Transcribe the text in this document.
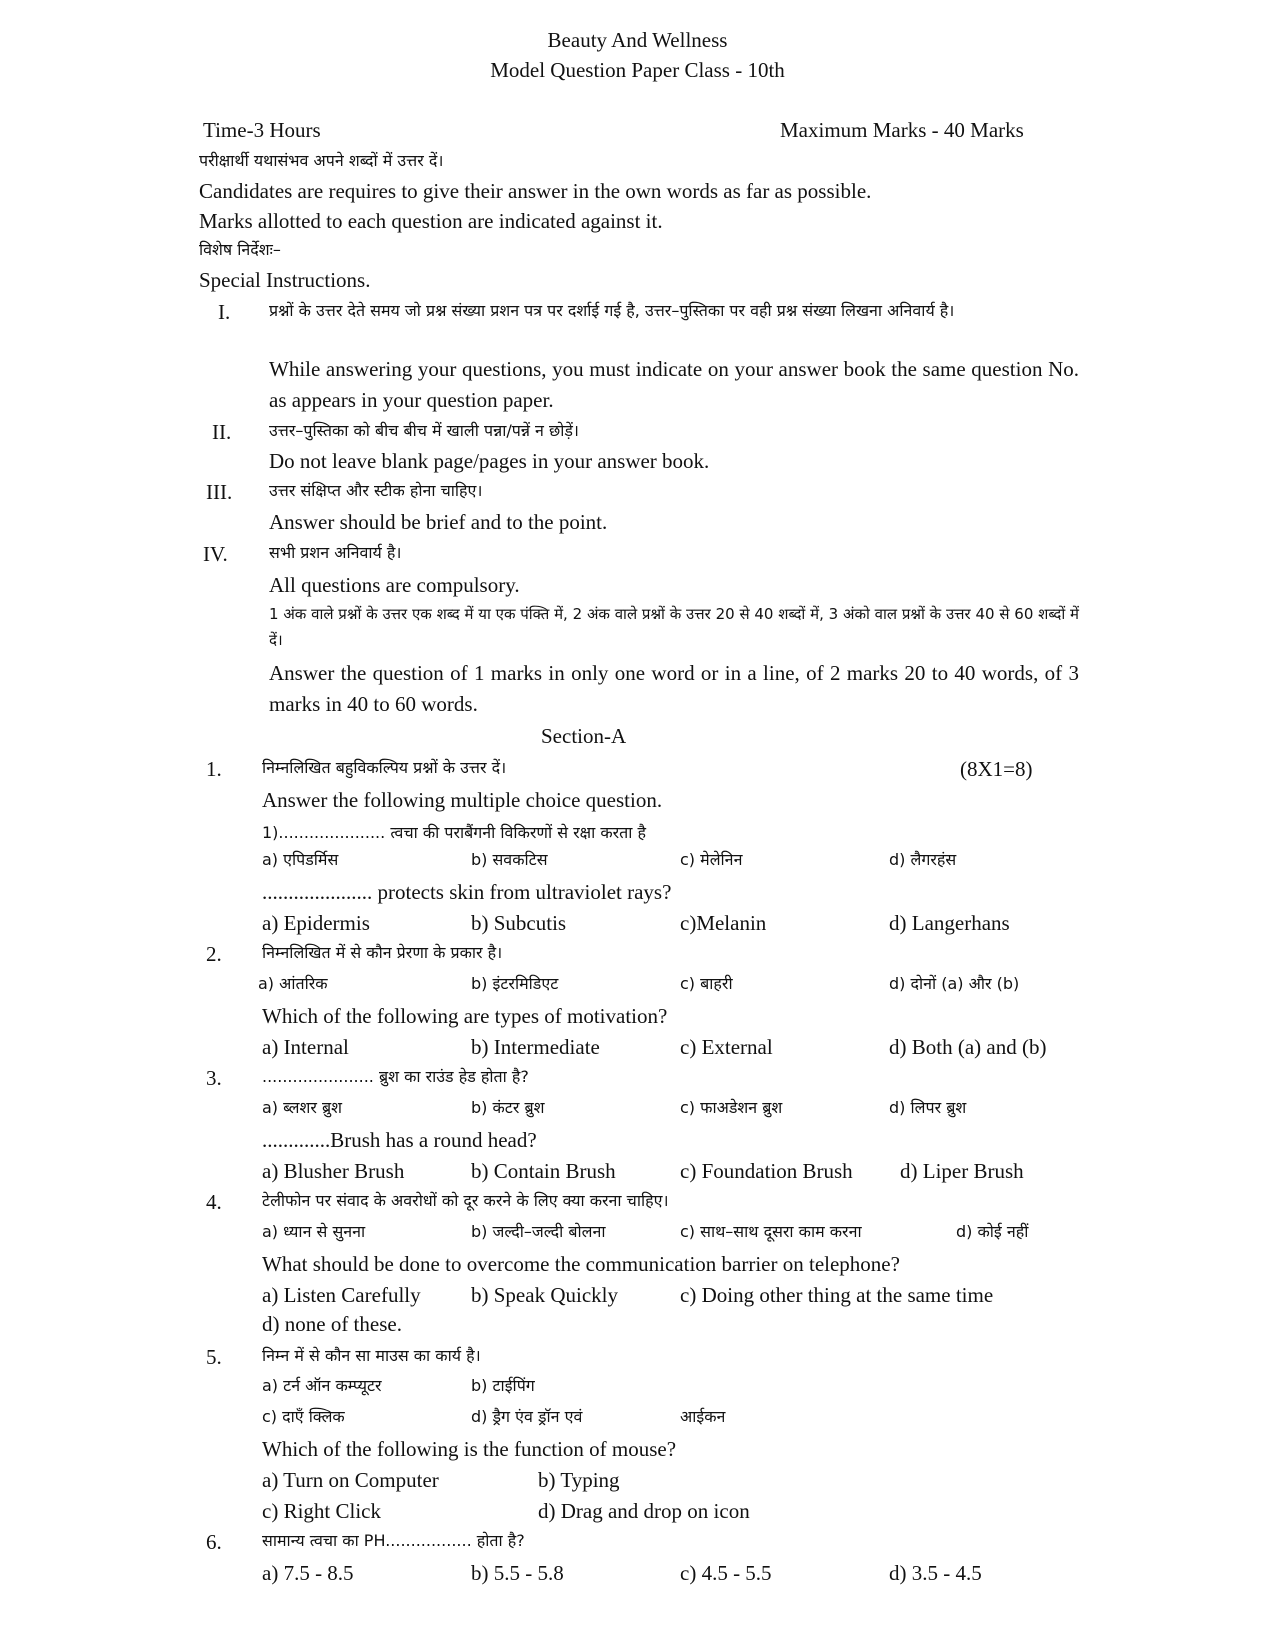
Beauty And Wellness
Model Question Paper Class - 10th
Time-3 Hours	Maximum Marks - 40 Marks
परीक्षार्थी यथासंभव अपने शब्दों में उत्तर दें।
Candidates are requires to give their answer in the own words as far as possible.
Marks allotted to each question are indicated against it.
विशेष निर्देशः–
Special Instructions.
I. प्रश्नों के उत्तर देते समय जो प्रश्न संख्या प्रशन पत्र पर दर्शाई गई है, उत्तर–पुस्तिका पर वही प्रश्न संख्या लिखना अनिवार्य है।
While answering your questions, you must indicate on your answer book the same question No. as appears in your question paper.
II. उत्तर–पुस्तिका को बीच बीच में खाली पन्ना/पन्नें न छोड़ें।
Do not leave blank page/pages in your answer book.
III. उत्तर संक्षिप्त और स्टीक होना चाहिए।
Answer should be brief and to the point.
IV.	सभी प्रशन अनिवार्य है।
All questions are compulsory.
1 अंक वाले प्रश्नों के उत्तर एक शब्द में या एक पंक्ति में, 2 अंक वाले प्रश्नों के उत्तर 20 से 40 शब्दों में, 3 अंको वाल प्रश्नों के उत्तर 40 से 60 शब्दों में दें।
Answer the question of 1 marks in only one word or in a line, of 2 marks 20 to 40 words, of 3 marks in 40 to 60 words.
Section-A
1.	निम्नलिखित बहुविकल्पिय प्रश्नों के उत्तर दें।	(8X1=8)
Answer the following multiple choice question.
1)..................... त्वचा की पराबैंगनी विकिरणों से रक्षा करता है
a) एपिडर्मिस	b) सवकटिस	c) मेलेनिन	d) लैगरहंस
..................... protects skin from ultraviolet rays?
a) Epidermis	b) Subcutis	c)Melanin	d) Langerhans
2.	निम्नलिखित में से कौन प्रेरणा के प्रकार है।
a) आंतरिक	b) इंटरमिडिएट	c) बाहरी	d) दोनों (a) और (b)
Which of the following are types of motivation?
a) Internal	b) Intermediate	c) External	d) Both (a) and (b)
3.	...................... ब्रुश का राउंड हेड होता है?
a) ब्लशर ब्रुश	b) कंटर ब्रुश	c) फाअडेशन ब्रुश	d) लिपर ब्रुश
.............Brush has a round head?
a) Blusher Brush	b) Contain Brush	c) Foundation Brush d) Liper Brush
4.	टेलीफोन पर संवाद के अवरोधों को दूर करने के लिए क्या करना चाहिए।
a) ध्यान से सुनना	b) जल्दी–जल्दी बोलना	c) साथ–साथ दूसरा काम करना	d) कोई नहीं
What should be done to overcome the communication barrier on telephone?
a) Listen Carefully b) Speak Quickly	c) Doing other thing at the same time
d) none of these.
5.	निम्न में से कौन सा माउस का कार्य है।
a) टर्न ऑन कम्प्यूटर	b) टाईपिंग
c) दाएँ क्लिक	d) ड्रैग एंव ड्रॉन एवं	आईकन
Which of the following is the function of mouse?
a) Turn on Computer	b) Typing
c) Right Click	d) Drag and drop on icon
6.	सामान्य त्वचा का PH................. होता है?
a) 7.5 - 8.5	b) 5.5 - 5.8	c) 4.5 - 5.5	d) 3.5 - 4.5
